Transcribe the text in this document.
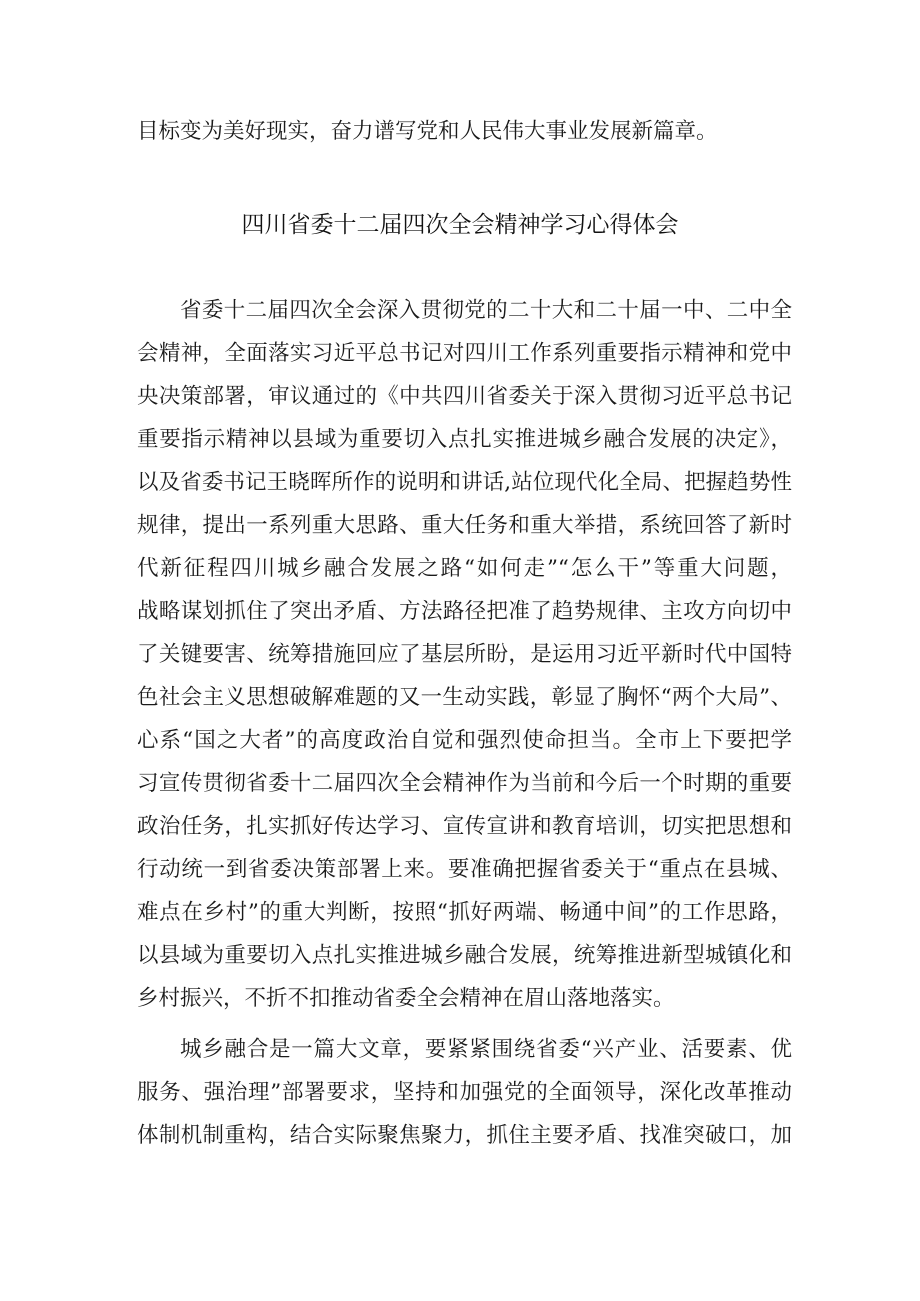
目标变为美好现实，奋力谱写党和人民伟大事业发展新篇章。
四川省委十二届四次全会精神学习心得体会
省委十二届四次全会深入贯彻党的二十大和二十届一中、二中全
会精神，全面落实习近平总书记对四川工作系列重要指示精神和党中
央决策部署，审议通过的《中共四川省委关于深入贯彻习近平总书记
重要指示精神以县域为重要切入点扎实推进城乡融合发展的决定》，
以及省委书记王晓晖所作的说明和讲话,站位现代化全局、把握趋势性
规律，提出一系列重大思路、重大任务和重大举措，系统回答了新时
代新征程四川城乡融合发展之路“如何走”“怎么干”等重大问题，
战略谋划抓住了突出矛盾、方法路径把准了趋势规律、主攻方向切中
了关键要害、统筹措施回应了基层所盼，是运用习近平新时代中国特
色社会主义思想破解难题的又一生动实践，彰显了胸怀“两个大局”、
心系“国之大者”的高度政治自觉和强烈使命担当。全市上下要把学
习宣传贯彻省委十二届四次全会精神作为当前和今后一个时期的重要
政治任务，扎实抓好传达学习、宣传宣讲和教育培训，切实把思想和
行动统一到省委决策部署上来。要准确把握省委关于“重点在县城、
难点在乡村”的重大判断，按照“抓好两端、畅通中间”的工作思路，
以县域为重要切入点扎实推进城乡融合发展，统筹推进新型城镇化和
乡村振兴，不折不扣推动省委全会精神在眉山落地落实。
城乡融合是一篇大文章，要紧紧围绕省委“兴产业、活要素、优
服务、强治理”部署要求，坚持和加强党的全面领导，深化改革推动
体制机制重构，结合实际聚焦聚力，抓住主要矛盾、找准突破口，加
